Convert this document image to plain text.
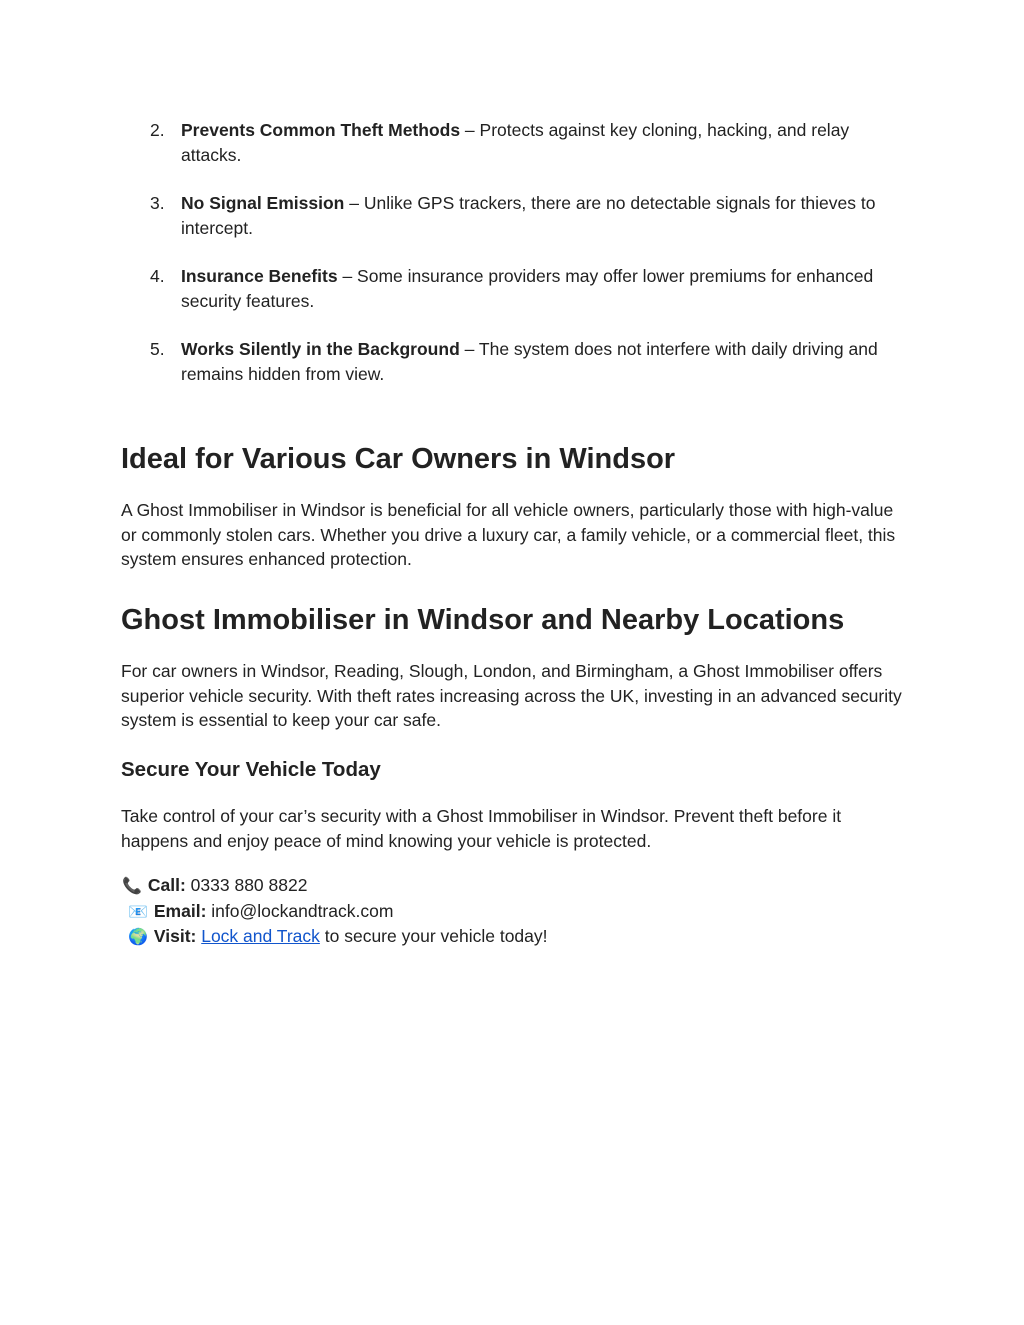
2. Prevents Common Theft Methods – Protects against key cloning, hacking, and relay attacks.
3. No Signal Emission – Unlike GPS trackers, there are no detectable signals for thieves to intercept.
4. Insurance Benefits – Some insurance providers may offer lower premiums for enhanced security features.
5. Works Silently in the Background – The system does not interfere with daily driving and remains hidden from view.
Ideal for Various Car Owners in Windsor

A Ghost Immobiliser in Windsor is beneficial for all vehicle owners, particularly those with high-value or commonly stolen cars. Whether you drive a luxury car, a family vehicle, or a commercial fleet, this system ensures enhanced protection.

Ghost Immobiliser in Windsor and Nearby Locations

For car owners in Windsor, Reading, Slough, London, and Birmingham, a Ghost Immobiliser offers superior vehicle security. With theft rates increasing across the UK, investing in an advanced security system is essential to keep your car safe.

Secure Your Vehicle Today

Take control of your car’s security with a Ghost Immobiliser in Windsor. Prevent theft before it happens and enjoy peace of mind knowing your vehicle is protected.

📞 Call: 0333 880 8822
📧 Email: info@lockandtrack.com
🌍 Visit: Lock and Track to secure your vehicle today!
